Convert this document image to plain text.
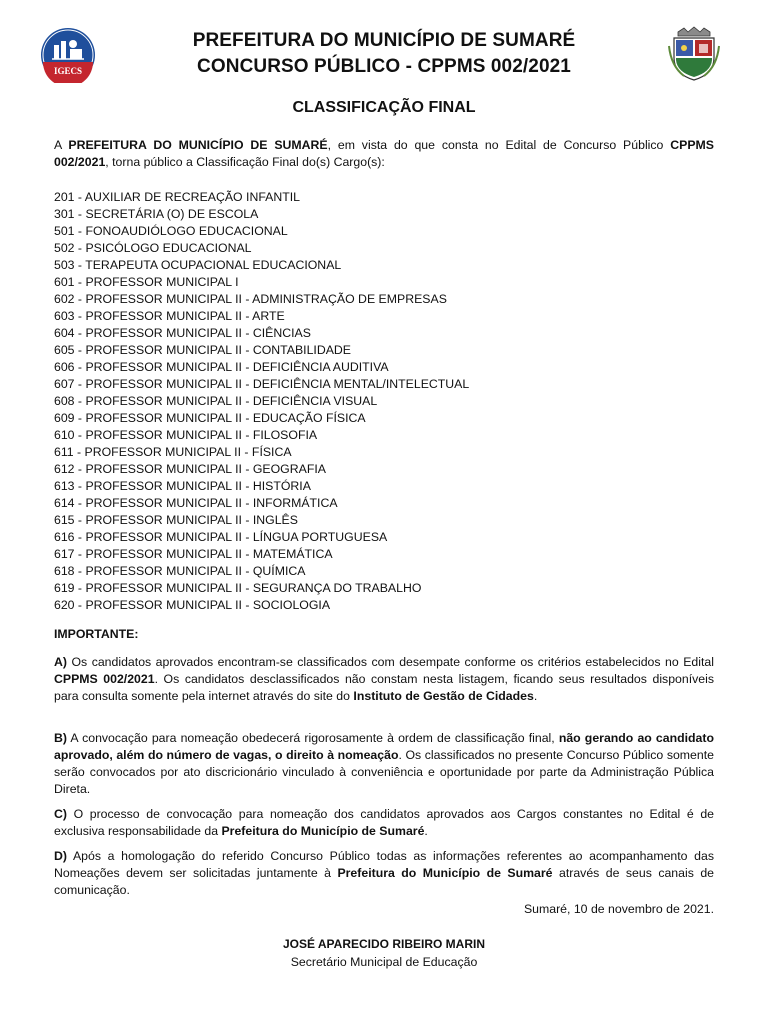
IGECS
PREFEITURA DO MUNICÍPIO DE SUMARÉ
CONCURSO PÚBLICO - CPPMS 002/2021
CLASSIFICAÇÃO FINAL
A PREFEITURA DO MUNICÍPIO DE SUMARÉ, em vista do que consta no Edital de Concurso Público CPPMS 002/2021, torna público a Classificação Final do(s) Cargo(s):
201 - AUXILIAR DE RECREAÇÃO INFANTIL
301 - SECRETÁRIA (O) DE ESCOLA
501 - FONOAUDIÓLOGO EDUCACIONAL
502 - PSICÓLOGO EDUCACIONAL
503 - TERAPEUTA OCUPACIONAL EDUCACIONAL
601 - PROFESSOR MUNICIPAL I
602 - PROFESSOR MUNICIPAL II - ADMINISTRAÇÃO DE EMPRESAS
603 - PROFESSOR MUNICIPAL II - ARTE
604 - PROFESSOR MUNICIPAL II - CIÊNCIAS
605 - PROFESSOR MUNICIPAL II - CONTABILIDADE
606 - PROFESSOR MUNICIPAL II - DEFICIÊNCIA AUDITIVA
607 - PROFESSOR MUNICIPAL II - DEFICIÊNCIA MENTAL/INTELECTUAL
608 - PROFESSOR MUNICIPAL II - DEFICIÊNCIA VISUAL
609 - PROFESSOR MUNICIPAL II - EDUCAÇÃO FÍSICA
610 - PROFESSOR MUNICIPAL II - FILOSOFIA
611 - PROFESSOR MUNICIPAL II - FÍSICA
612 - PROFESSOR MUNICIPAL II - GEOGRAFIA
613 - PROFESSOR MUNICIPAL II - HISTÓRIA
614 - PROFESSOR MUNICIPAL II - INFORMÁTICA
615 - PROFESSOR MUNICIPAL II - INGLÊS
616 - PROFESSOR MUNICIPAL II - LÍNGUA PORTUGUESA
617 - PROFESSOR MUNICIPAL II - MATEMÁTICA
618 - PROFESSOR MUNICIPAL II - QUÍMICA
619 - PROFESSOR MUNICIPAL II - SEGURANÇA DO TRABALHO
620 - PROFESSOR MUNICIPAL II - SOCIOLOGIA
IMPORTANTE:
A) Os candidatos aprovados encontram-se classificados com desempate conforme os critérios estabelecidos no Edital CPPMS 002/2021. Os candidatos desclassificados não constam nesta listagem, ficando seus resultados disponíveis para consulta somente pela internet através do site do Instituto de Gestão de Cidades.
B) A convocação para nomeação obedecerá rigorosamente à ordem de classificação final, não gerando ao candidato aprovado, além do número de vagas, o direito à nomeação. Os classificados no presente Concurso Público somente serão convocados por ato discricionário vinculado à conveniência e oportunidade por parte da Administração Pública Direta.
C) O processo de convocação para nomeação dos candidatos aprovados aos Cargos constantes no Edital é de exclusiva responsabilidade da Prefeitura do Município de Sumaré.
D) Após a homologação do referido Concurso Público todas as informações referentes ao acompanhamento das Nomeações devem ser solicitadas juntamente à Prefeitura do Município de Sumaré através de seus canais de comunicação.
Sumaré, 10 de novembro de 2021.
JOSÉ APARECIDO RIBEIRO MARIN
Secretário Municipal de Educação
